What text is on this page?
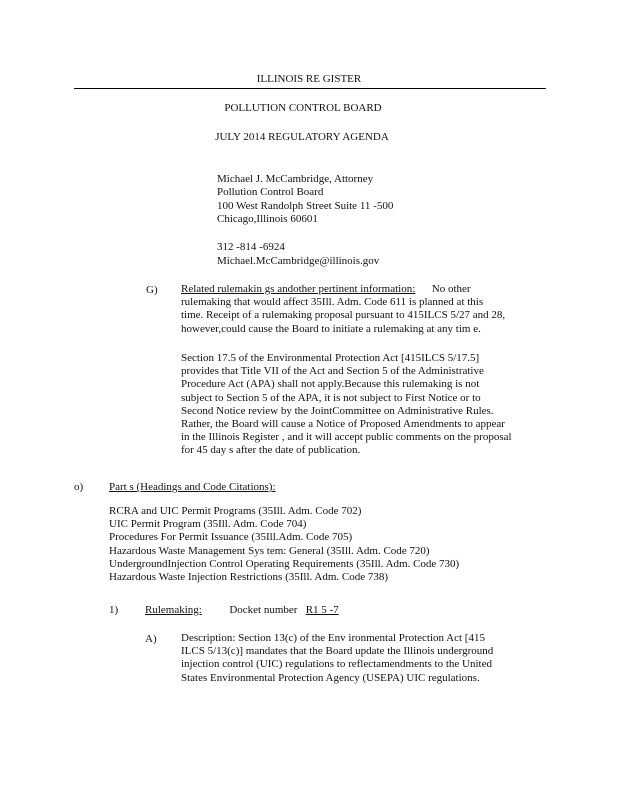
ILLINOIS RE GISTER
POLLUTION CONTROL BOARD
JULY 2014 REGULATORY AGENDA
Michael J. McCambridge, Attorney
Pollution Control Board
100 West Randolph Street Suite 11 -500
Chicago,Illinois 60601
312 -814 -6924
Michael.McCambridge@illinois.gov
G) Related rulemakin gs andother pertinent information: No other
rulemaking that would affect 35Ill. Adm. Code 611 is planned at this
time. Receipt of a rulemaking proposal pursuant to 415ILCS 5/27 and 28,
however,could cause the Board to initiate a rulemaking at any tim e.
Section 17.5 of the Environmental Protection Act [415ILCS 5/17.5]
provides that Title VII of the Act and Section 5 of the Administrative
Procedure Act (APA) shall not apply.Because this rulemaking is not
subject to Section 5 of the APA, it is not subject to First Notice or to
Second Notice review by the JointCommittee on Administrative Rules.
Rather, the Board will cause a Notice of Proposed Amendments to appear
in the Illinois Register , and it will accept public comments on the proposal
for 45 day s after the date of publication.
o) Part s (Headings and Code Citations):
RCRA and UIC Permit Programs (35Ill. Adm. Code 702)
UIC Permit Program (35Ill. Adm. Code 704)
Procedures For Permit Issuance (35Ill.Adm. Code 705)
Hazardous Waste Management Sys tem: General (35Ill. Adm. Code 720)
UndergroundInjection Control Operating Requirements (35Ill. Adm. Code 730)
Hazardous Waste Injection Restrictions (35Ill. Adm. Code 738)
1) Rulemaking:	Docket number R1 5 -7
A) Description: Section 13(c) of the Env ironmental Protection Act [415
ILCS 5/13(c)] mandates that the Board update the Illinois underground
injection control (UIC) regulations to reflectamendments to the United
States Environmental Protection Agency (USEPA) UIC regulations.
